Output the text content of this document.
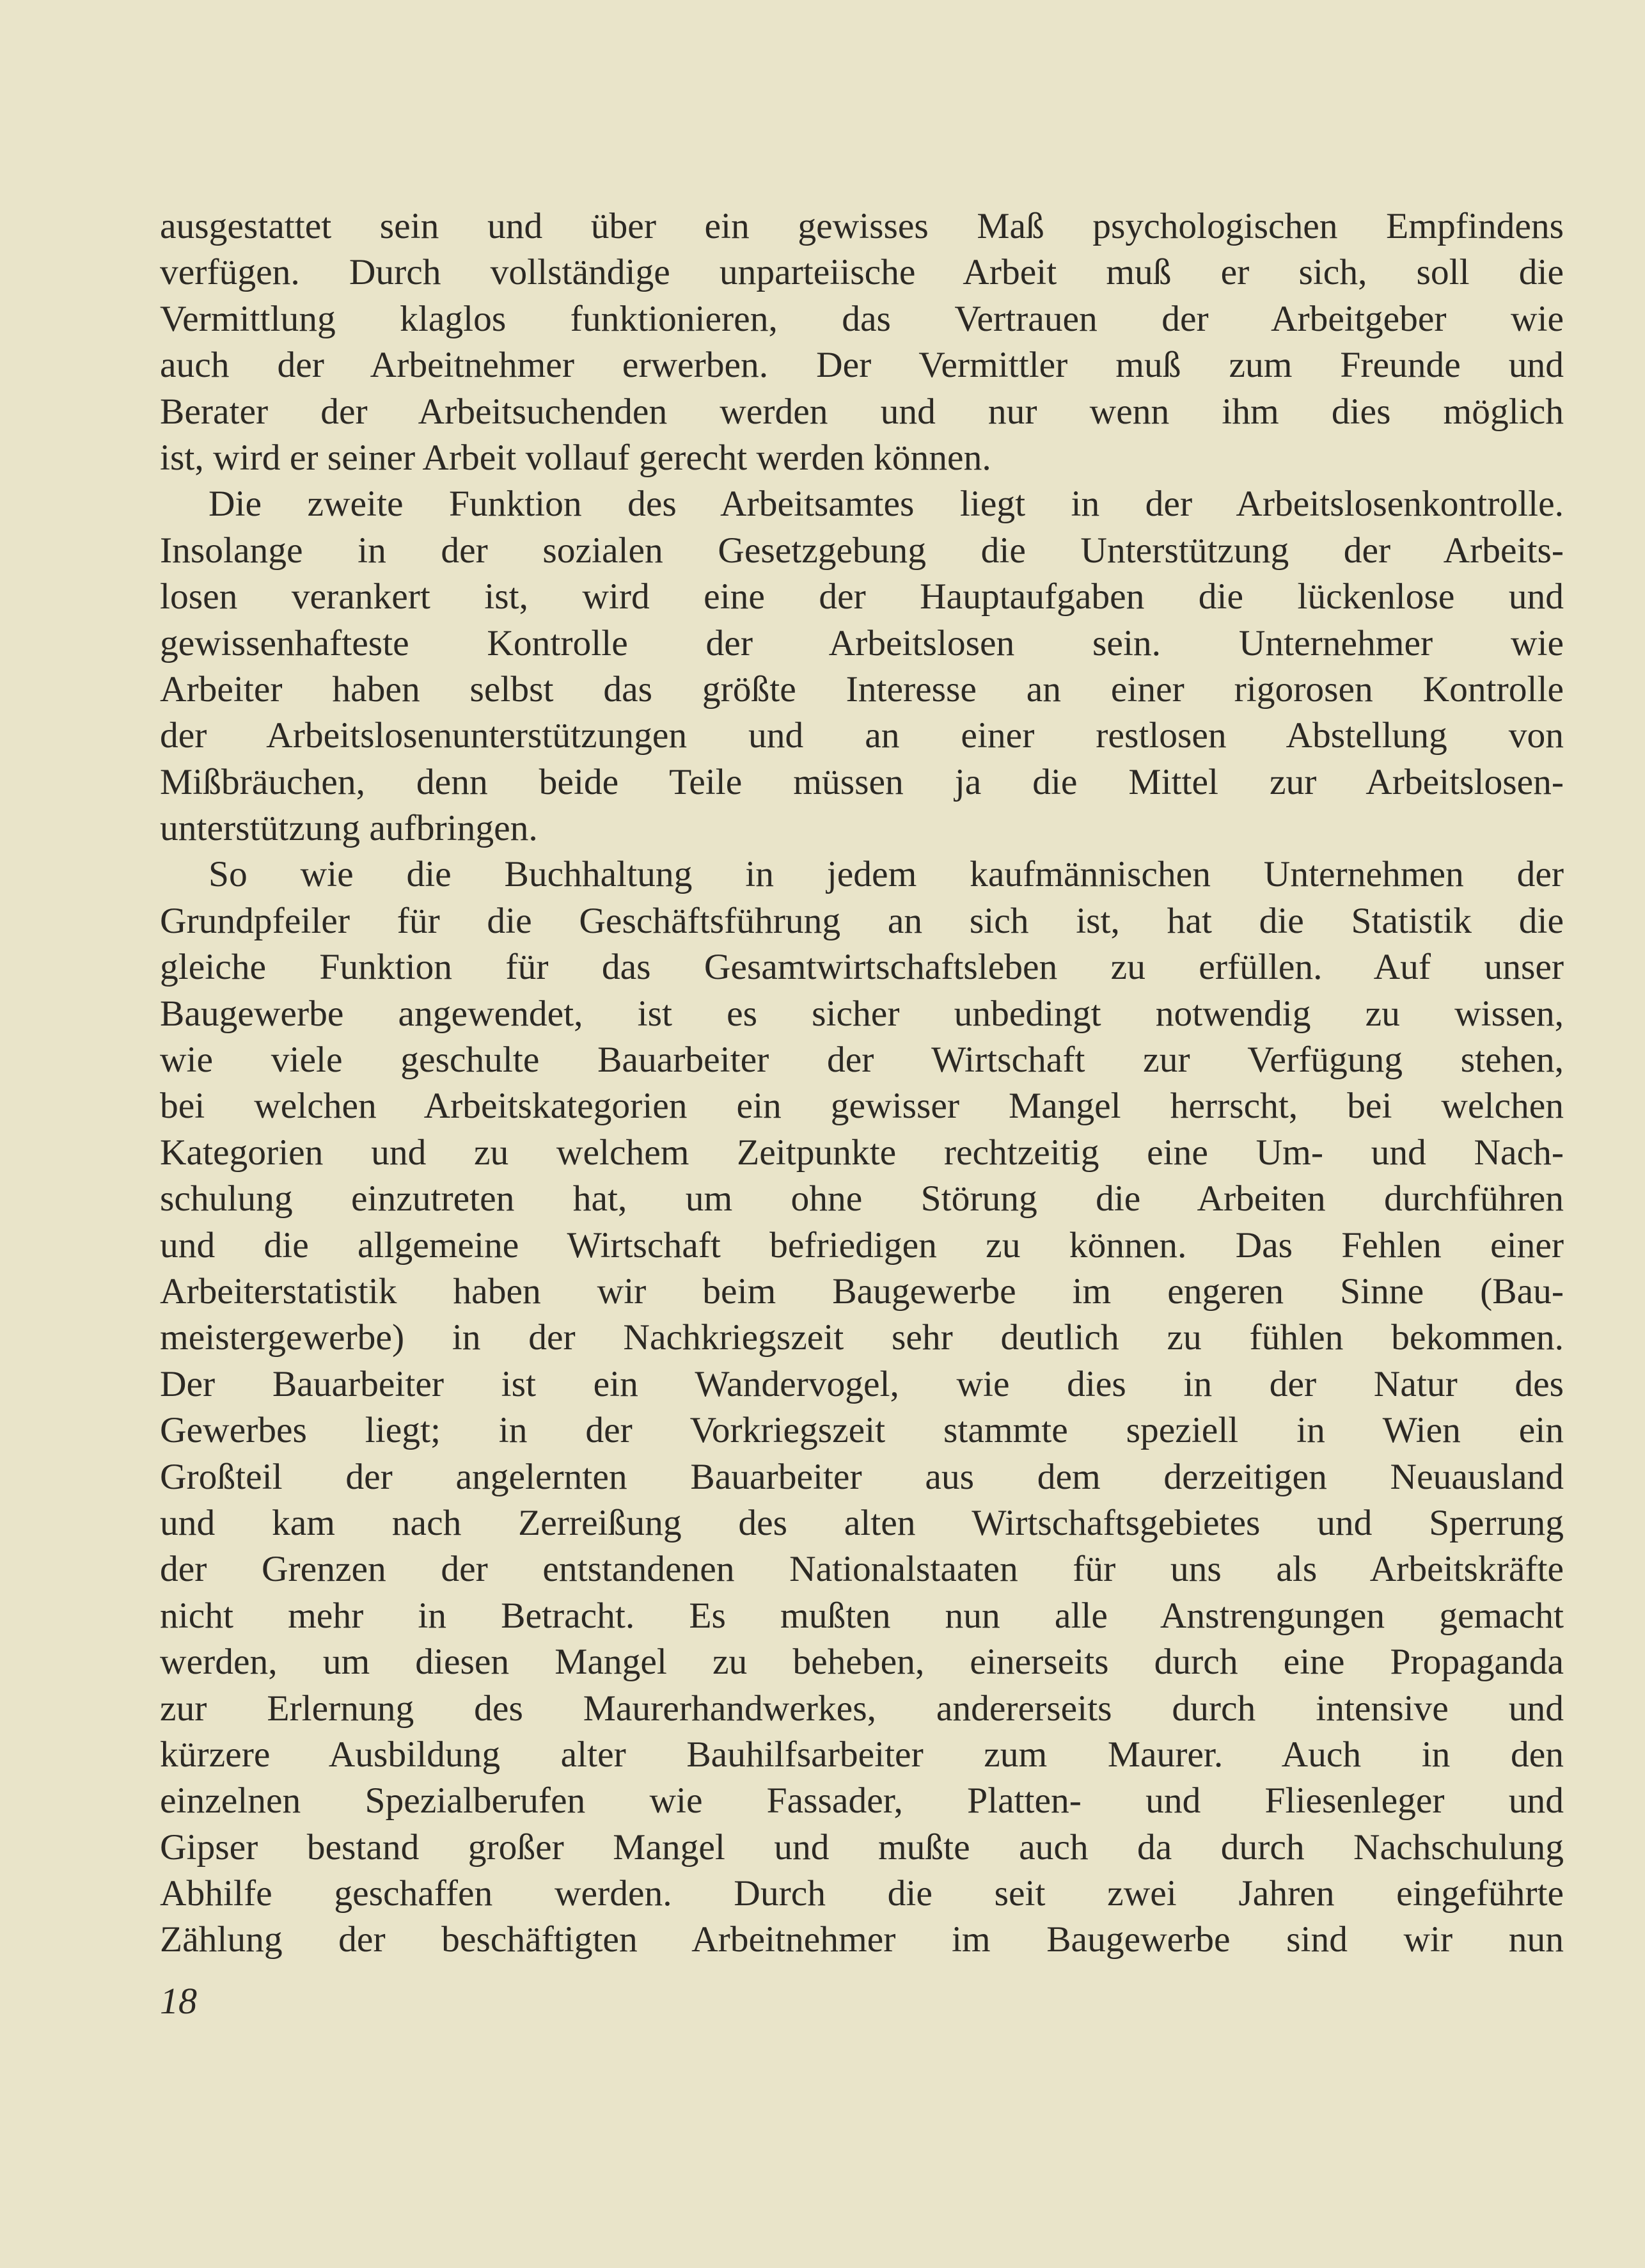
ausgestattet sein und über ein gewisses Maß psychologischen Empfindens
verfügen. Durch vollständige unparteiische Arbeit muß er sich, soll die
Vermittlung klaglos funktionieren, das Vertrauen der Arbeitgeber wie
auch der Arbeitnehmer erwerben. Der Vermittler muß zum Freunde und
Berater der Arbeitsuchenden werden und nur wenn ihm dies möglich
ist, wird er seiner Arbeit vollauf gerecht werden können.
Die zweite Funktion des Arbeitsamtes liegt in der Arbeitslosenkontrolle.
Insolange in der sozialen Gesetzgebung die Unterstützung der Arbeits-
losen verankert ist, wird eine der Hauptaufgaben die lückenlose und
gewissenhafteste Kontrolle der Arbeitslosen sein. Unternehmer wie
Arbeiter haben selbst das größte Interesse an einer rigorosen Kontrolle
der Arbeitslosenunterstützungen und an einer restlosen Abstellung von
Mißbräuchen, denn beide Teile müssen ja die Mittel zur Arbeitslosen-
unterstützung aufbringen.
So wie die Buchhaltung in jedem kaufmännischen Unternehmen der
Grundpfeiler für die Geschäftsführung an sich ist, hat die Statistik die
gleiche Funktion für das Gesamtwirtschaftsleben zu erfüllen. Auf unser
Baugewerbe angewendet, ist es sicher unbedingt notwendig zu wissen,
wie viele geschulte Bauarbeiter der Wirtschaft zur Verfügung stehen,
bei welchen Arbeitskategorien ein gewisser Mangel herrscht, bei welchen
Kategorien und zu welchem Zeitpunkte rechtzeitig eine Um- und Nach-
schulung einzutreten hat, um ohne Störung die Arbeiten durchführen
und die allgemeine Wirtschaft befriedigen zu können. Das Fehlen einer
Arbeiterstatistik haben wir beim Baugewerbe im engeren Sinne (Bau-
meistergewerbe) in der Nachkriegszeit sehr deutlich zu fühlen bekommen.
Der Bauarbeiter ist ein Wandervogel, wie dies in der Natur des
Gewerbes liegt; in der Vorkriegszeit stammte speziell in Wien ein
Großteil der angelernten Bauarbeiter aus dem derzeitigen Neuausland
und kam nach Zerreißung des alten Wirtschaftsgebietes und Sperrung
der Grenzen der entstandenen Nationalstaaten für uns als Arbeitskräfte
nicht mehr in Betracht. Es mußten nun alle Anstrengungen gemacht
werden, um diesen Mangel zu beheben, einerseits durch eine Propaganda
zur Erlernung des Maurerhandwerkes, andererseits durch intensive und
kürzere Ausbildung alter Bauhilfsarbeiter zum Maurer. Auch in den
einzelnen Spezialberufen wie Fassader, Platten- und Fliesenleger und
Gipser bestand großer Mangel und mußte auch da durch Nachschulung
Abhilfe geschaffen werden. Durch die seit zwei Jahren eingeführte
Zählung der beschäftigten Arbeitnehmer im Baugewerbe sind wir nun
18
